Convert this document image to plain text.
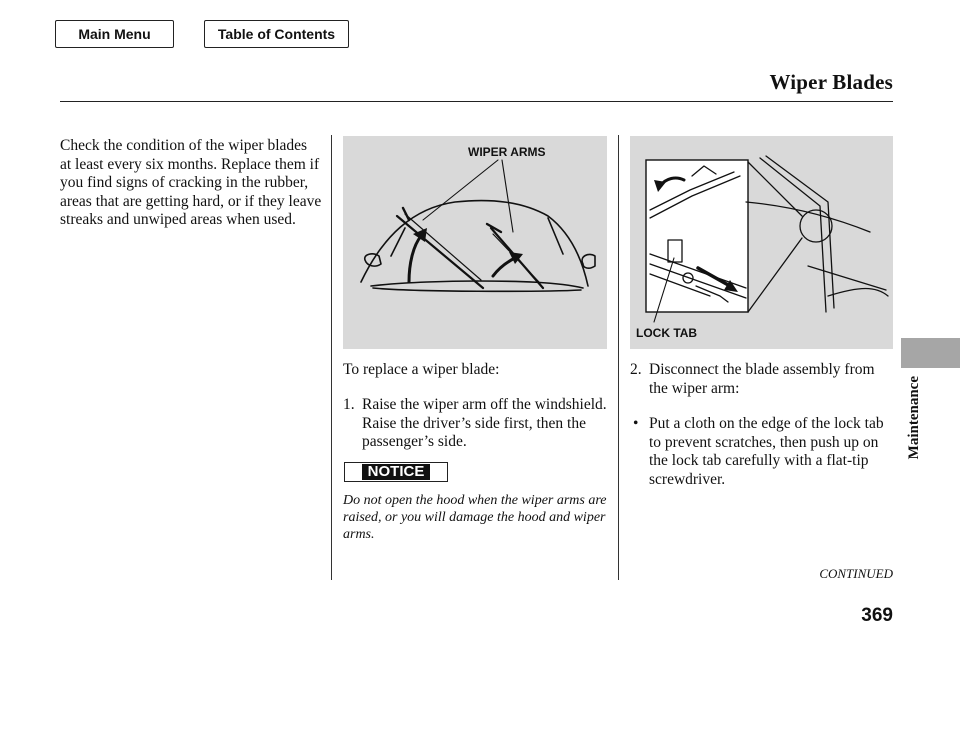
Main Menu	Table of Contents
Wiper Blades
Check the condition of the wiper blades at least every six months. Replace them if you find signs of cracking in the rubber, areas that are getting hard, or if they leave streaks and unwiped areas when used.
WIPER ARMS
LOCK TAB
To replace a wiper blade:
1. Raise the wiper arm off the windshield. Raise the driver’s side first, then the passenger’s side.
2. Disconnect the blade assembly from the wiper arm:
• Put a cloth on the edge of the lock tab to prevent scratches, then push up on the lock tab carefully with a flat-tip screwdriver.
NOTICE
Do not open the hood when the wiper arms are raised, or you will damage the hood and wiper arms.
CONTINUED
369
Maintenance
